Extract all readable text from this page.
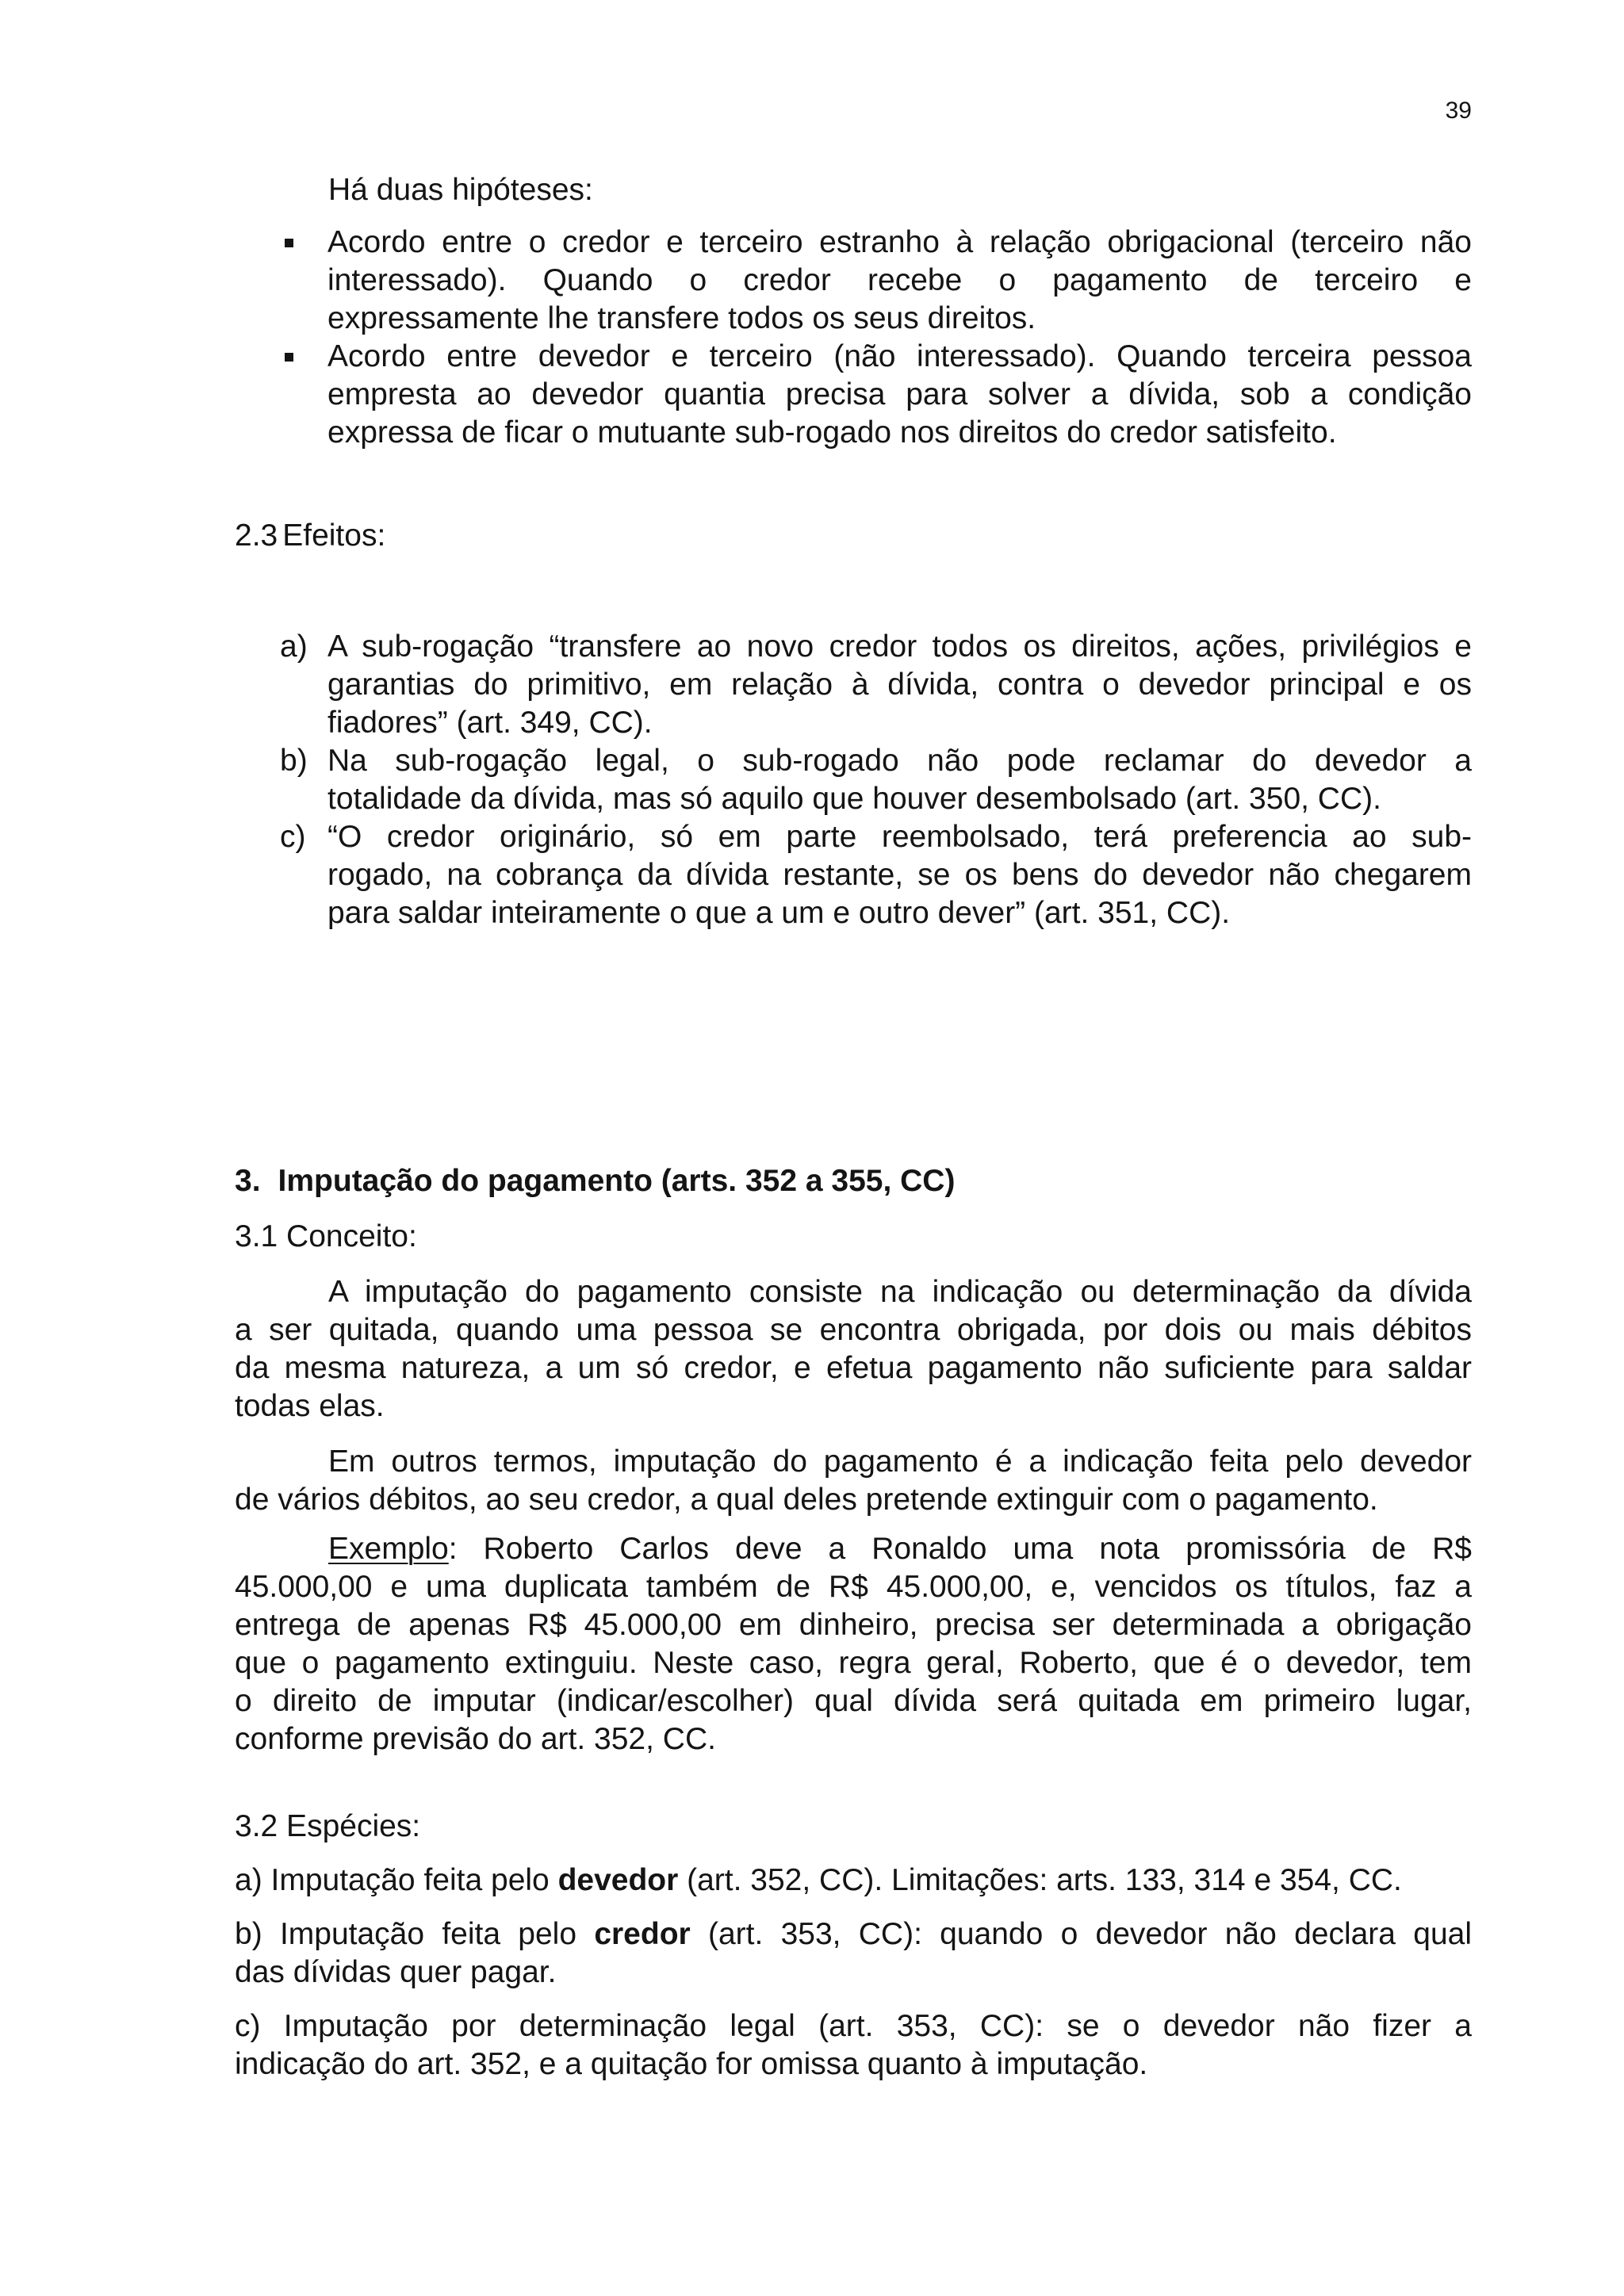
39
Há duas hipóteses:
Acordo entre o credor e terceiro estranho à relação obrigacional (terceiro não
interessado). Quando o credor recebe o pagamento de terceiro e
expressamente lhe transfere todos os seus direitos.
Acordo entre devedor e terceiro (não interessado). Quando terceira pessoa
empresta ao devedor quantia precisa para solver a dívida, sob a condição
expressa de ficar o mutuante sub-rogado nos direitos do credor satisfeito.
2.3 Efeitos:
a) A sub-rogação “transfere ao novo credor todos os direitos, ações, privilégios e
garantias do primitivo, em relação à dívida, contra o devedor principal e os
fiadores” (art. 349, CC).
b) Na sub-rogação legal, o sub-rogado não pode reclamar do devedor a
totalidade da dívida, mas só aquilo que houver desembolsado (art. 350, CC).
c) “O credor originário, só em parte reembolsado, terá preferencia ao sub-
rogado, na cobrança da dívida restante, se os bens do devedor não chegarem
para saldar inteiramente o que a um e outro dever” (art. 351, CC).
3. Imputação do pagamento (arts. 352 a 355, CC)
3.1 Conceito:
A imputação do pagamento consiste na indicação ou determinação da dívida
a ser quitada, quando uma pessoa se encontra obrigada, por dois ou mais débitos
da mesma natureza, a um só credor, e efetua pagamento não suficiente para saldar
todas elas.
Em outros termos, imputação do pagamento é a indicação feita pelo devedor
de vários débitos, ao seu credor, a qual deles pretende extinguir com o pagamento.
Exemplo: Roberto Carlos deve a Ronaldo uma nota promissória de R$
45.000,00 e uma duplicata também de R$ 45.000,00, e, vencidos os títulos, faz a
entrega de apenas R$ 45.000,00 em dinheiro, precisa ser determinada a obrigação
que o pagamento extinguiu. Neste caso, regra geral, Roberto, que é o devedor, tem
o direito de imputar (indicar/escolher) qual dívida será quitada em primeiro lugar,
conforme previsão do art. 352, CC.
3.2 Espécies:
a) Imputação feita pelo devedor (art. 352, CC). Limitações: arts. 133, 314 e 354, CC.
b) Imputação feita pelo credor (art. 353, CC): quando o devedor não declara qual
das dívidas quer pagar.
c) Imputação por determinação legal (art. 353, CC): se o devedor não fizer a
indicação do art. 352, e a quitação for omissa quanto à imputação.
